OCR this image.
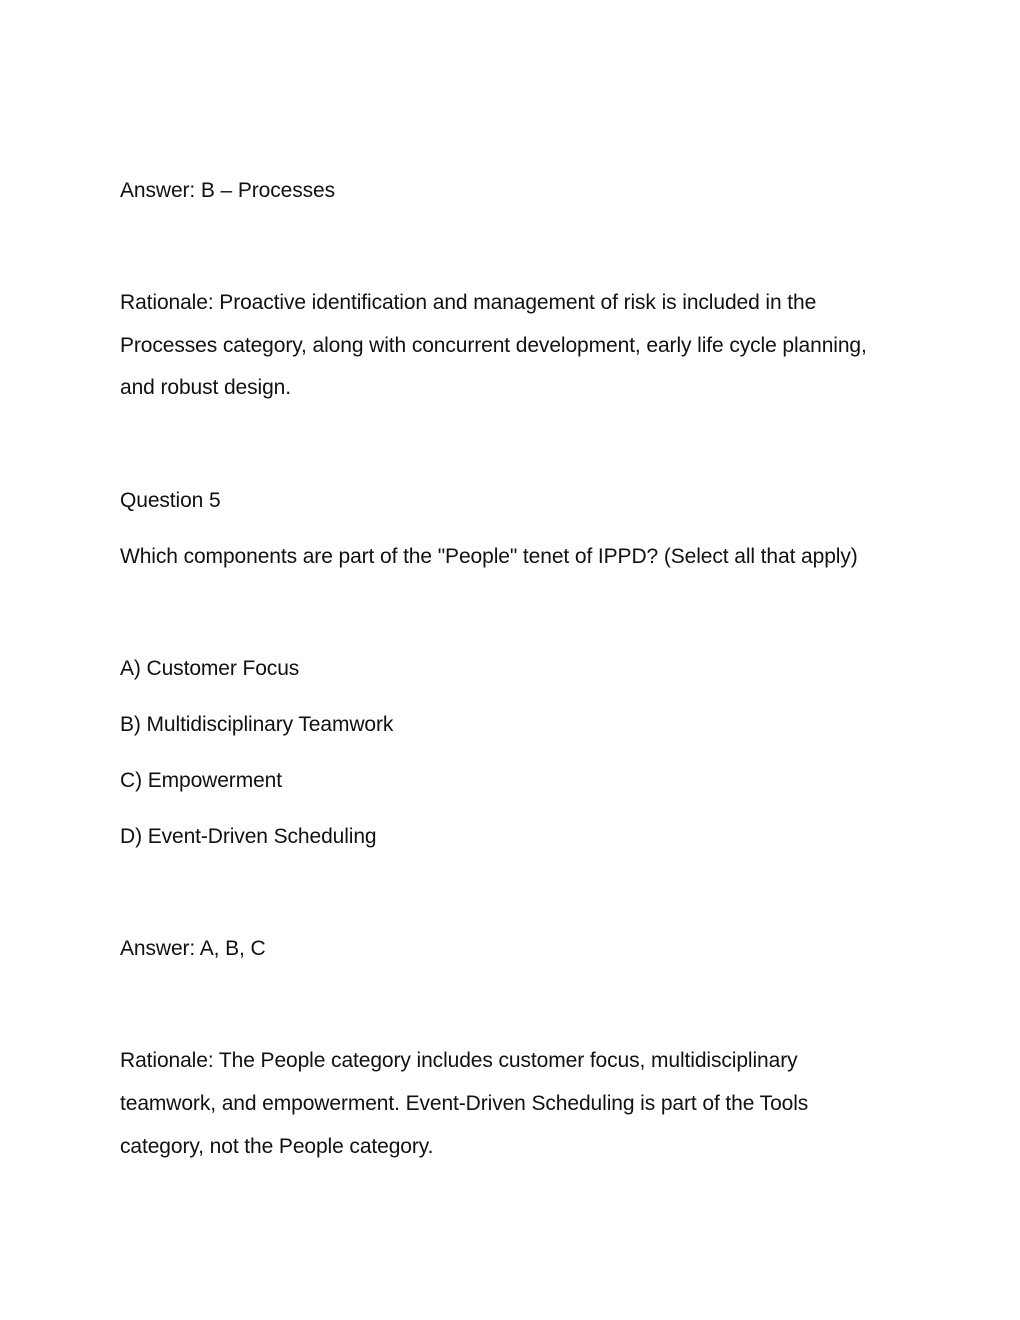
Answer: B – Processes
Rationale: Proactive identification and management of risk is included in the
Processes category, along with concurrent development, early life cycle planning,
and robust design.
Question 5
Which components are part of the "People" tenet of IPPD? (Select all that apply)
A) Customer Focus
B) Multidisciplinary Teamwork
C) Empowerment
D) Event-Driven Scheduling
Answer: A, B, C
Rationale: The People category includes customer focus, multidisciplinary
teamwork, and empowerment. Event-Driven Scheduling is part of the Tools
category, not the People category.
